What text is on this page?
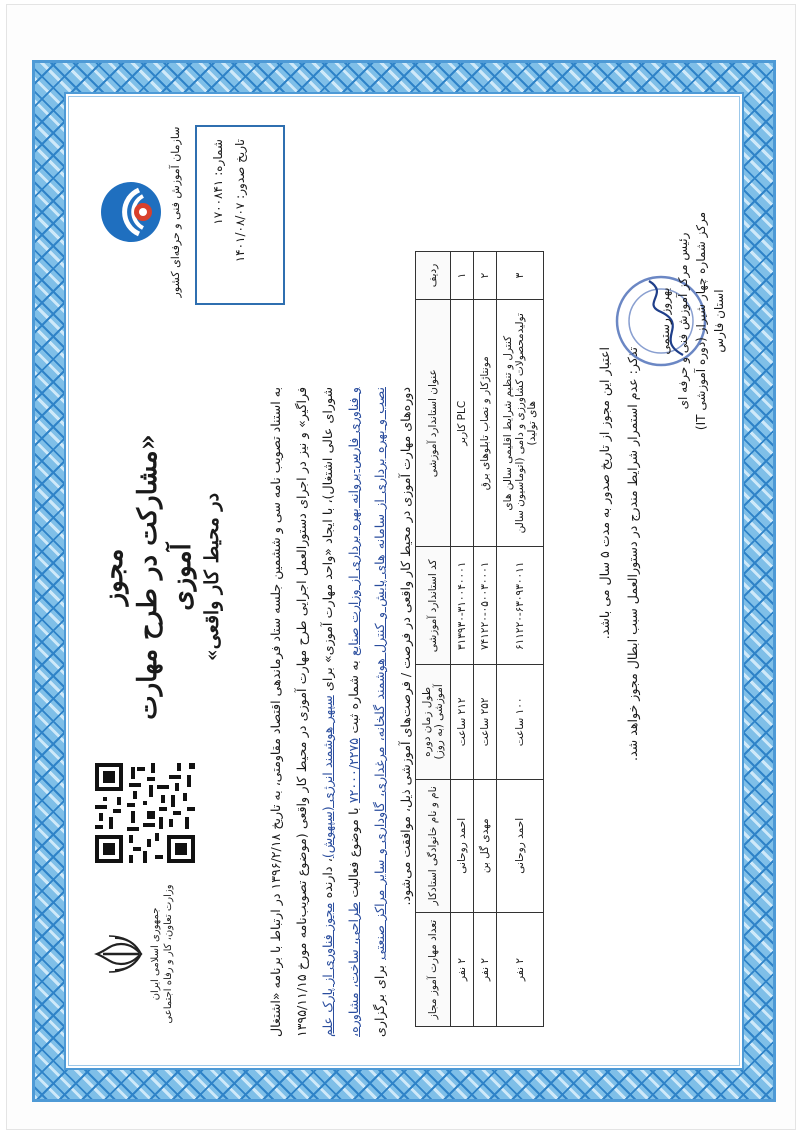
جمهوری اسلامی ایران وزارت تعاون، کار و رفاه اجتماعی
مجوز «مشارکت در طرح مهارت آموزی در محیط کار واقعی»
سازمان آموزش فنی و حرفه‌ای کشور	شماره: ۱۷۰۰۸۴۱
تاریخ صدور: ۱۴۰۱/۰۸/۰۷
به استناد تصویب نامه سی و ششمین جلسه ستاد فرماندهی اقتصاد مقاومتی، به تاریخ ۱۳۹۶/۲/۱۸ در ارتباط با برنامه «اشتغال فراگیر» و نیز در اجرای دستورالعمل اجرایی طرح مهارت آموزی در محیط کار واقعی (موضوع تصویب‌نامه مورخ ۱۳۹۵/۱۱/۱۵ شورای عالی اشتغال)، با ایجاد «واحد مهارت آموزی» برای سپهر هوشمند انرژی (سپهوش)، دارنده مجوز فناوری از پارک علم و فناوری فارس-پروانه بهره برداری از وزارت صنایع به شماره ثبت ۷۲۰۰۰/۲۲۷۵ با موضوع فعالیت طراحی، ساخت، مشاوره، نصب و بهره برداری از سامانه های پایش و کنترل هوشمند گلخانه، مرغداری، گاوداری و سایر مراکز صنعتی برای برگزاری دوره‌های مهارت آموزی در محیط کار واقعی در فرصت / فرصت‌های آموزشی ذیل، موافقت می‌شود.
ردیف	عنوان استاندارد آموزشی	کد استاندارد آموزشی	طول زمان دوره آموزشی (به روز)	نام و نام خانوادگی استادکار	تعداد مهارت آموز مجاز
۱	PLC کاربر	۳۱۳۹۳۰-۳۱۰۰۴۰۰۰۱	۲۱۲ ساعت	احمد روحانی	۲ نفر
۲	مونتاژکار و نصاب تابلوهای برق	۷۴۱۲۲۰-۰۵۰۰۳۰۰۰۱	۲۵۲ ساعت	مهدی گل بن	۲ نفر
۳	کنترل و تنظیم شرایط اقلیمی سالن های تولیدمحصولات کشاورزی و دامی (اتوماسیون سالن های تولید)	۶۱۱۲۲۰-۶۳۰۹۳۰۰۱۱	۱۰۰ ساعت	احمد روحانی	۲ نفر
اعتبار این مجوز از تاریخ صدور به مدت ۵ سال می باشد.	تذکر: عدم استمرار شرایط مندرج در دستورالعمل سبب ابطال مجوز خواهد شد.
بهروز رستمی رئیس مرکز آموزش فنی و حرفه ای
مرکز شماره چهار شیراز (دوره آموزشی IT) استان فارس
